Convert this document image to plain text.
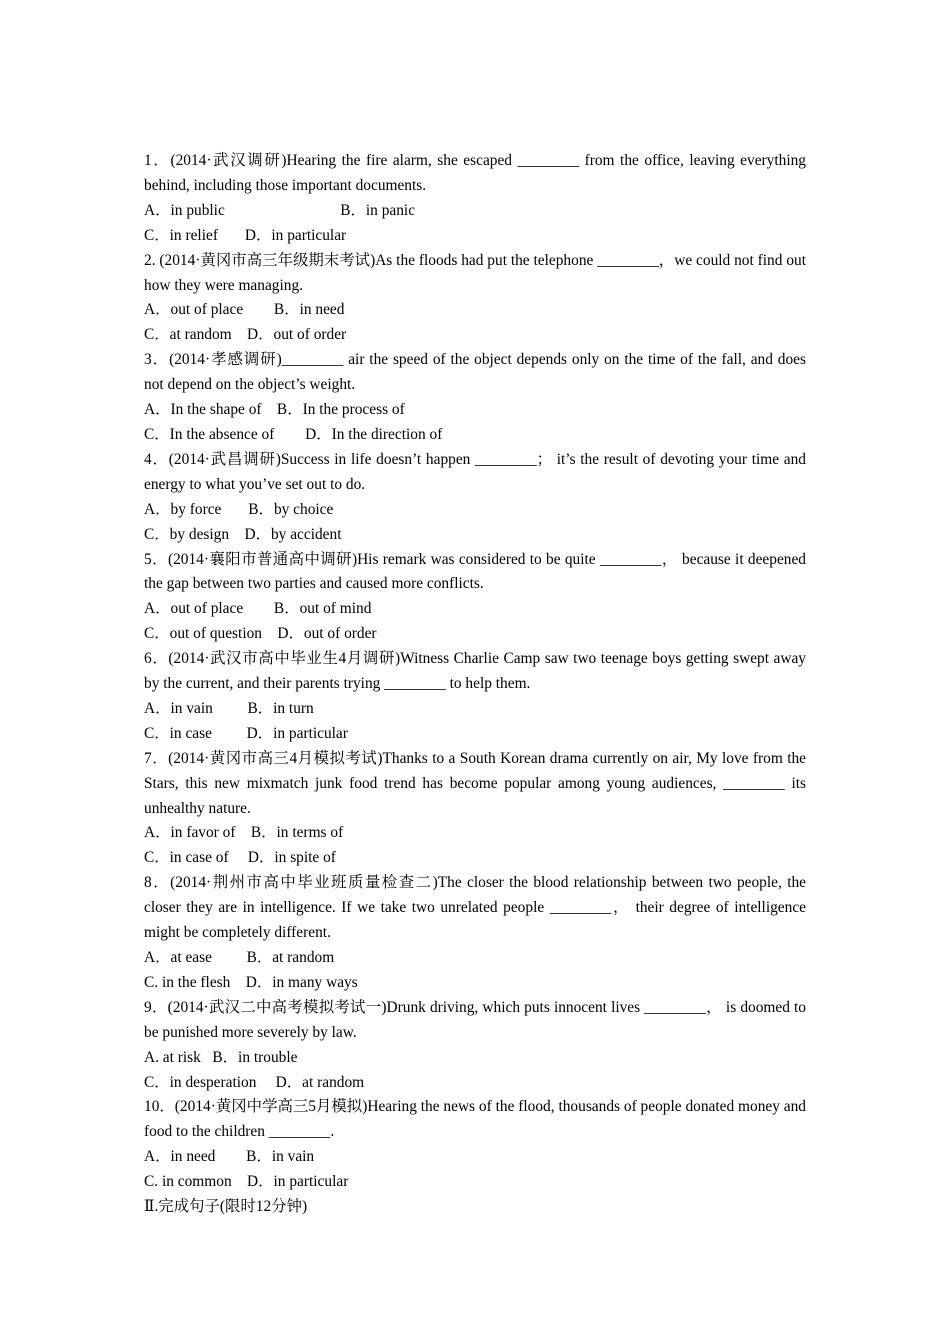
1．(2014·武汉调研)Hearing the fire alarm, she escaped ________ from the office, leaving everything behind, including those important documents.
A．in public                              B．in panic
C．in relief       D．in particular
2. (2014·黄冈市高三年级期末考试)As the floods had put the telephone ________，we could not find out how they were managing.
A．out of place        B．in need
C．at random    D．out of order
3．(2014·孝感调研)________ air the speed of the object depends only on the time of the fall, and does not depend on the object’s weight.
A．In the shape of    B．In the process of
C．In the absence of        D．In the direction of
4．(2014·武昌调研)Success in life doesn’t happen ________； it’s the result of devoting your time and energy to what you’ve set out to do.
A．by force       B．by choice
C．by design    D．by accident
5．(2014·襄阳市普通高中调研)His remark was considered to be quite ________， because it deepened the gap between two parties and caused more conflicts.
A．out of place        B．out of mind
C．out of question    D．out of order
6．(2014·武汉市高中毕业生4月调研)Witness Charlie Camp saw two teenage boys getting swept away by the current, and their parents trying ________ to help them.
A．in vain         B．in turn
C．in case         D．in particular
7．(2014·黄冈市高三4月模拟考试)Thanks to a South Korean drama currently on air, My love from the Stars, this new mixmatch junk food trend has become popular among young audiences, ________ its unhealthy nature.
A．in favor of    B．in terms of
C．in case of     D．in spite of
8．(2014·荆州市高中毕业班质量检查二)The closer the blood relationship between two people, the closer they are in intelligence. If we take two unrelated people ________， their degree of intelligence might be completely different.
A．at ease         B．at random
C. in the flesh    D．in many ways
9．(2014·武汉二中高考模拟考试一)Drunk driving, which puts innocent lives ________， is doomed to be punished more severely by law.
A. at risk   B．in trouble
C．in desperation     D．at random
10．(2014·黄冈中学高三5月模拟)Hearing the news of the flood, thousands of people donated money and food to the children ________.
A．in need        B．in vain
C. in common    D．in particular
Ⅱ.完成句子(限时12分钟)
